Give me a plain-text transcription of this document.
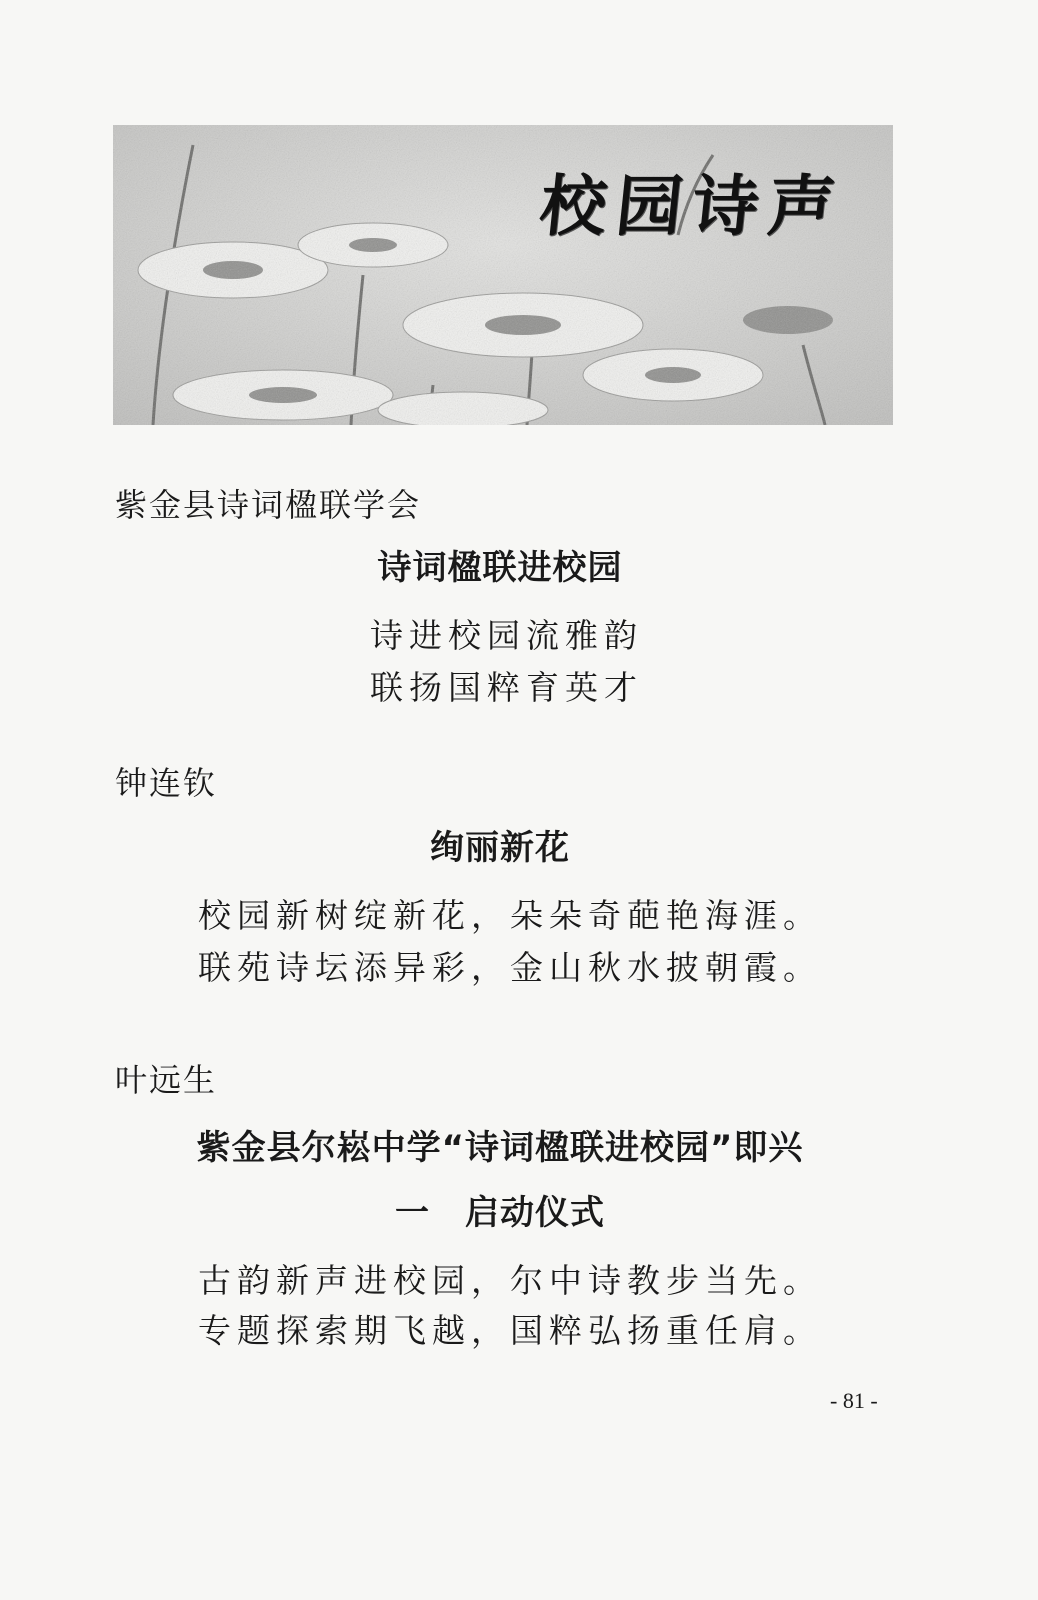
校园诗声
紫金县诗词楹联学会
诗词楹联进校园
诗进校园流雅韵
联扬国粹育英才
钟连钦
绚丽新花
校园新树绽新花，朵朵奇葩艳海涯。
联苑诗坛添异彩，金山秋水披朝霞。
叶远生
紫金县尔崧中学“诗词楹联进校园”即兴
一　启动仪式
古韵新声进校园，尔中诗教步当先。
专题探索期飞越，国粹弘扬重任肩。
- 81 -
